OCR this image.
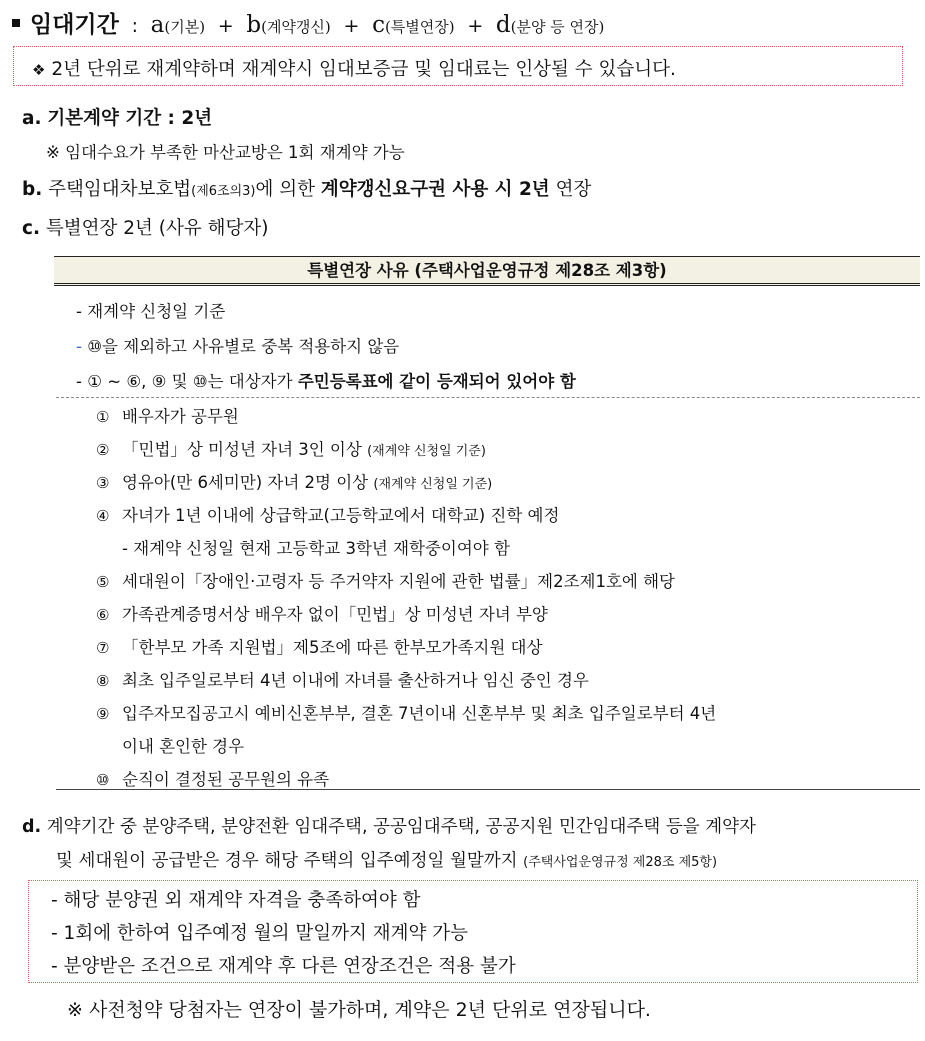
임대기간 : a(기본) + b(계약갱신) + c(특별연장) + d(분양 등 연장)
❖ 2년 단위로 재계약하며 재계약시 임대보증금 및 임대료는 인상될 수 있습니다.
a. 기본계약 기간 : 2년
※ 임대수요가 부족한 마산교방은 1회 재계약 가능
b. 주택임대차보호법(제6조의3)에 의한 계약갱신요구권 사용 시 2년 연장
c. 특별연장 2년 (사유 해당자)
특별연장 사유 (주택사업운영규정 제28조 제3항)
- 재계약 신청일 기준
- ⑩을 제외하고 사유별로 중복 적용하지 않음
- ① ~ ⑥, ⑨ 및 ⑩는 대상자가 주민등록표에 같이 등재되어 있어야 함
① 배우자가 공무원
② 「민법」상 미성년 자녀 3인 이상 (재계약 신청일 기준)
③ 영유아(만 6세미만) 자녀 2명 이상 (재계약 신청일 기준)
④ 자녀가 1년 이내에 상급학교(고등학교에서 대학교) 진학 예정
- 재계약 신청일 현재 고등학교 3학년 재학중이여야 함
⑤ 세대원이「장애인·고령자 등 주거약자 지원에 관한 법률」제2조제1호에 해당
⑥ 가족관계증명서상 배우자 없이「민법」상 미성년 자녀 부양
⑦ 「한부모 가족 지원법」제5조에 따른 한부모가족지원 대상
⑧ 최초 입주일로부터 4년 이내에 자녀를 출산하거나 임신 중인 경우
⑨ 입주자모집공고시 예비신혼부부, 결혼 7년이내 신혼부부 및 최초 입주일로부터 4년
이내 혼인한 경우
⑩ 순직이 결정된 공무원의 유족
d. 계약기간 중 분양주택, 분양전환 임대주택, 공공임대주택, 공공지원 민간임대주택 등을 계약자
및 세대원이 공급받은 경우 해당 주택의 입주예정일 월말까지 (주택사업운영규정 제28조 제5항)
- 해당 분양권 외 재계약 자격을 충족하여야 함
- 1회에 한하여 입주예정 월의 말일까지 재계약 가능
- 분양받은 조건으로 재계약 후 다른 연장조건은 적용 불가
※ 사전청약 당첨자는 연장이 불가하며, 계약은 2년 단위로 연장됩니다.
